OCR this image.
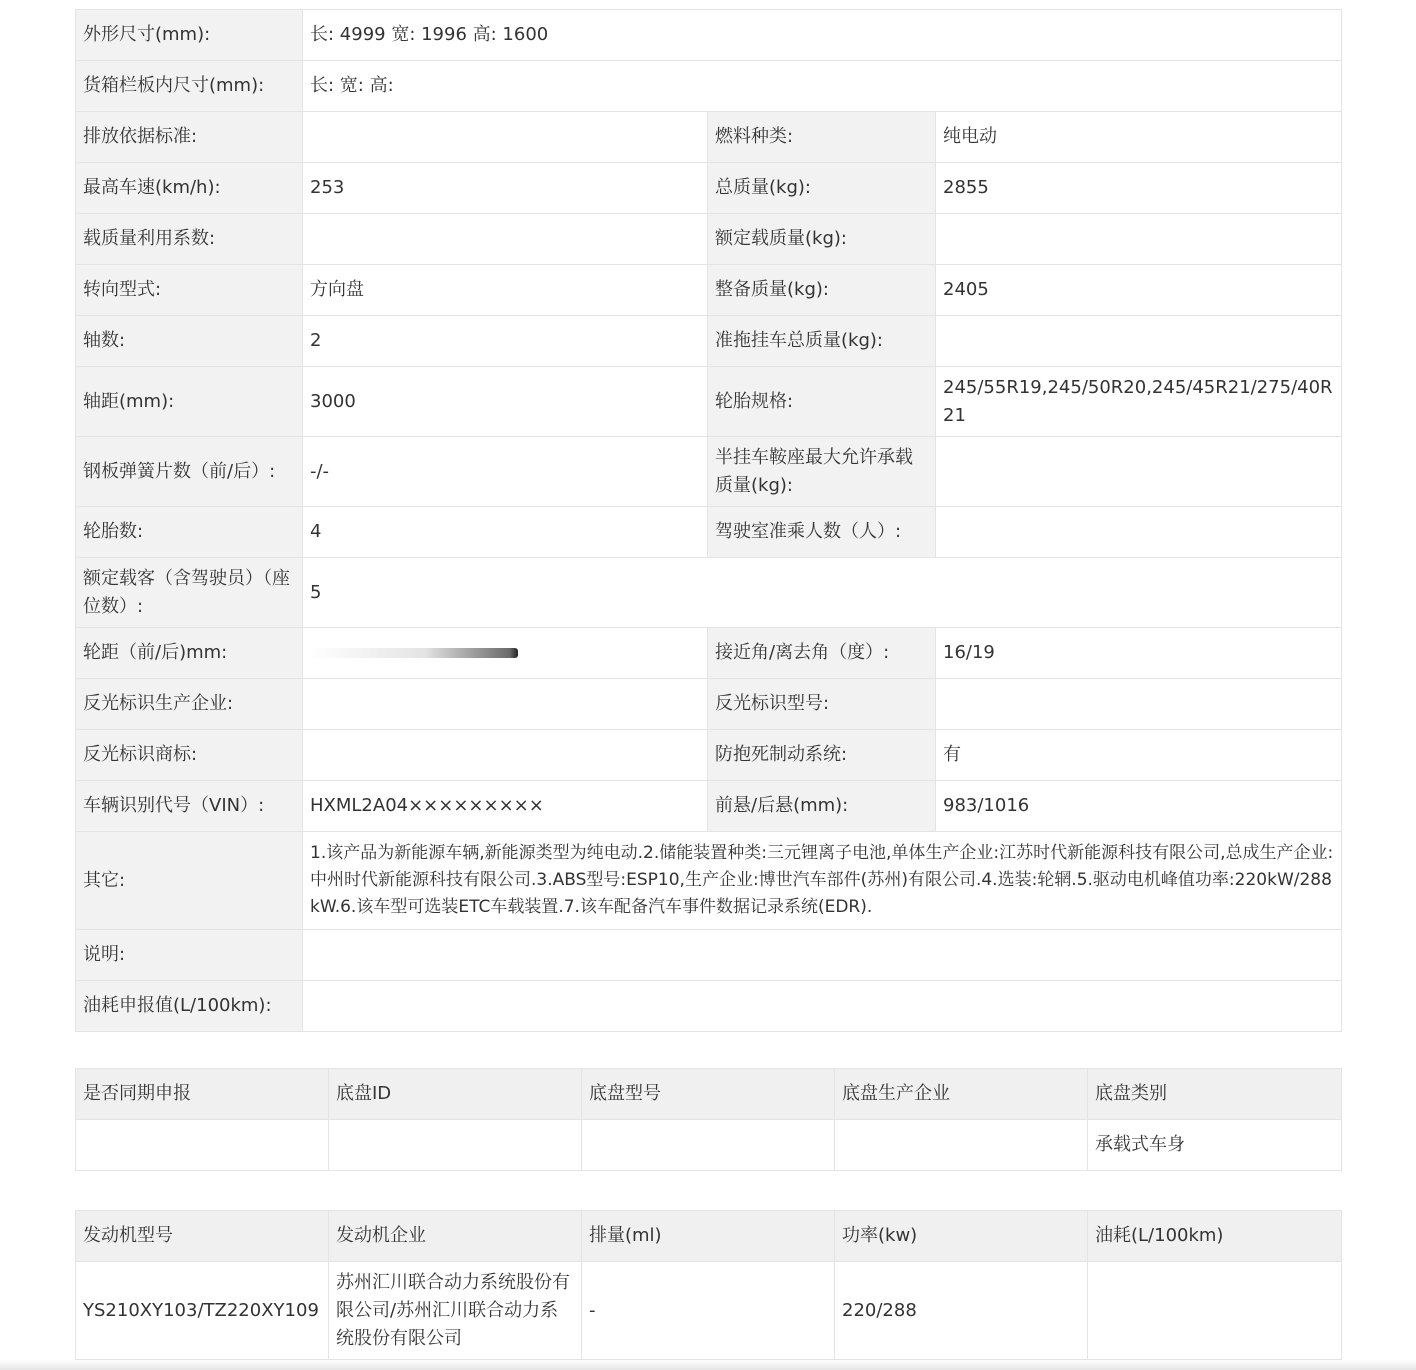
外形尺寸(mm):	长: 4999 宽: 1996 高: 1600		
货箱栏板内尺寸(mm):	长: 宽: 高:		
排放依据标准:		燃料种类:	纯电动
最高车速(km/h):	253	总质量(kg):	2855
载质量利用系数:		额定载质量(kg):	
转向型式:	方向盘	整备质量(kg):	2405
轴数:	2	准拖挂车总质量(kg):	
轴距(mm):	3000	轮胎规格:	245/55R19,245/50R20,245/45R21/275/40R21
钢板弹簧片数（前/后）:	-/-	半挂车鞍座最大允许承载质量(kg):	
轮胎数:	4	驾驶室准乘人数（人）:	
额定载客（含驾驶员）（座位数）:	5		
轮距（前/后)mm:		接近角/离去角（度）:	16/19
反光标识生产企业:		反光标识型号:	
反光标识商标:		防抱死制动系统:	有
车辆识别代号（VIN）:	HXML2A04×××××××××	前悬/后悬(mm):	983/1016
其它:	1.该产品为新能源车辆,新能源类型为纯电动.2.储能装置种类:三元锂离子电池,单体生产企业:江苏时代新能源科技有限公司,总成生产企业:中州时代新能源科技有限公司.3.ABS型号:ESP10,生产企业:博世汽车部件(苏州)有限公司.4.选装:轮辋.5.驱动电机峰值功率:220kW/288kW.6.该车型可选装ETC车载装置.7.该车配备汽车事件数据记录系统(EDR).		
说明:			
油耗申报值(L/100km):			
是否同期申报	底盘ID	底盘型号	底盘生产企业	底盘类别
				承载式车身
发动机型号	发动机企业	排量(ml)	功率(kw)	油耗(L/100km)
YS210XY103/TZ220XY109	苏州汇川联合动力系统股份有限公司/苏州汇川联合动力系统股份有限公司	-	220/288	
